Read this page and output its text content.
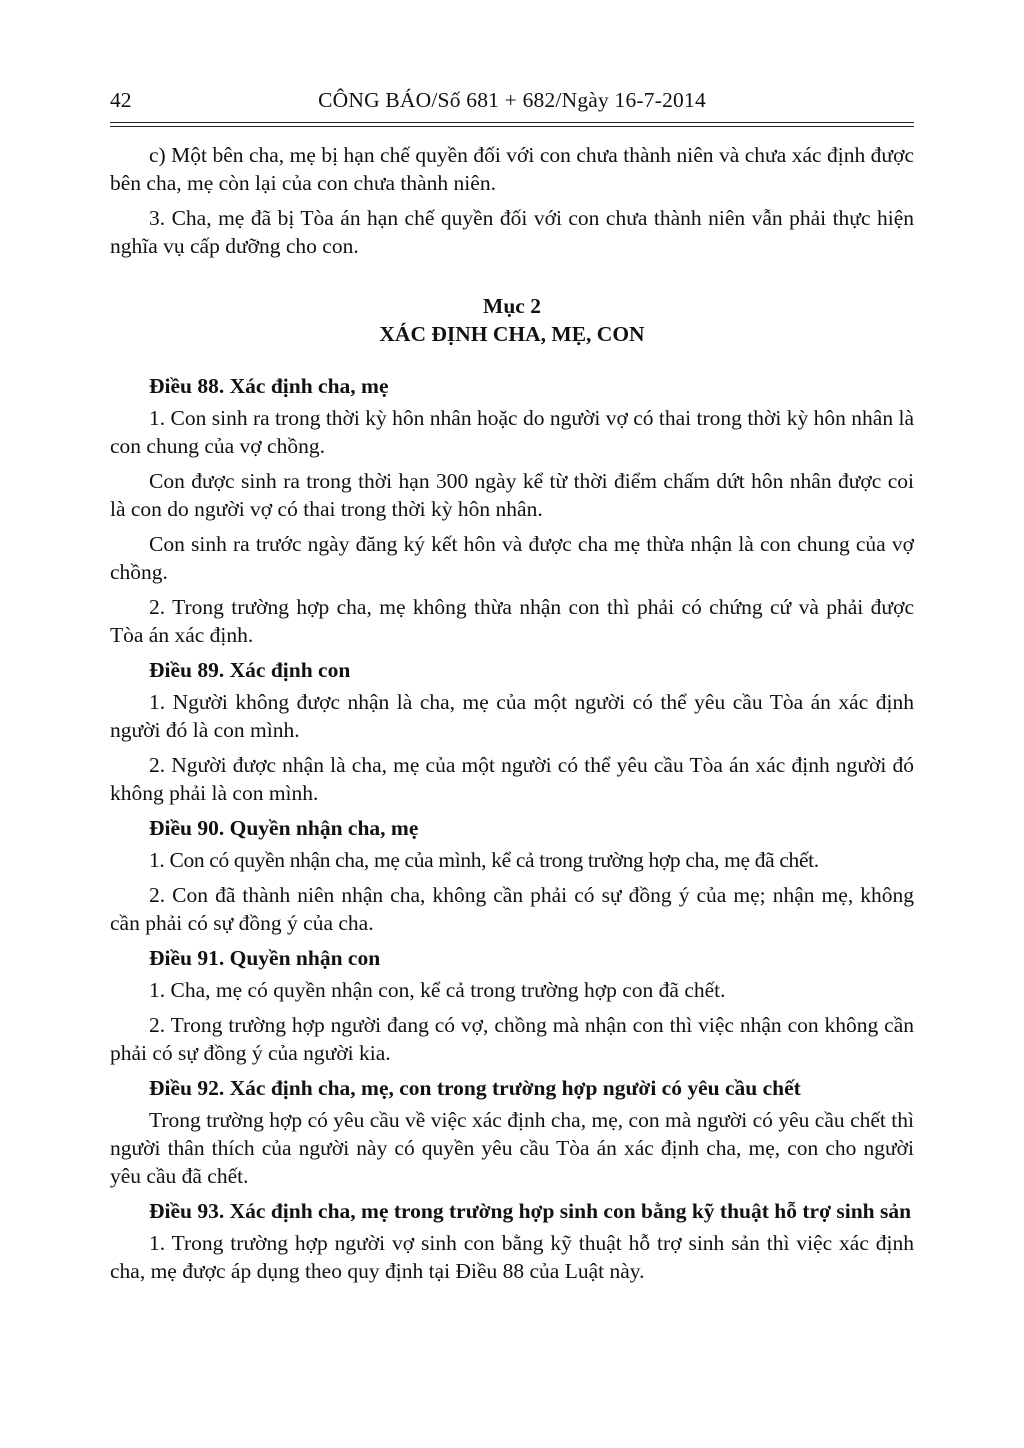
42	CÔNG BÁO/Số 681 + 682/Ngày 16-7-2014

c) Một bên cha, mẹ bị hạn chế quyền đối với con chưa thành niên và chưa xác định được bên cha, mẹ còn lại của con chưa thành niên.

3. Cha, mẹ đã bị Tòa án hạn chế quyền đối với con chưa thành niên vẫn phải thực hiện nghĩa vụ cấp dưỡng cho con.

Mục 2
XÁC ĐỊNH CHA, MẸ, CON

Điều 88. Xác định cha, mẹ

1. Con sinh ra trong thời kỳ hôn nhân hoặc do người vợ có thai trong thời kỳ hôn nhân là con chung của vợ chồng.

Con được sinh ra trong thời hạn 300 ngày kể từ thời điểm chấm dứt hôn nhân được coi là con do người vợ có thai trong thời kỳ hôn nhân.

Con sinh ra trước ngày đăng ký kết hôn và được cha mẹ thừa nhận là con chung của vợ chồng.

2. Trong trường hợp cha, mẹ không thừa nhận con thì phải có chứng cứ và phải được Tòa án xác định.

Điều 89. Xác định con

1. Người không được nhận là cha, mẹ của một người có thể yêu cầu Tòa án xác định người đó là con mình.

2. Người được nhận là cha, mẹ của một người có thể yêu cầu Tòa án xác định người đó không phải là con mình.

Điều 90. Quyền nhận cha, mẹ

1. Con có quyền nhận cha, mẹ của mình, kể cả trong trường hợp cha, mẹ đã chết.

2. Con đã thành niên nhận cha, không cần phải có sự đồng ý của mẹ; nhận mẹ, không cần phải có sự đồng ý của cha.

Điều 91. Quyền nhận con

1. Cha, mẹ có quyền nhận con, kể cả trong trường hợp con đã chết.

2. Trong trường hợp người đang có vợ, chồng mà nhận con thì việc nhận con không cần phải có sự đồng ý của người kia.

Điều 92. Xác định cha, mẹ, con trong trường hợp người có yêu cầu chết

Trong trường hợp có yêu cầu về việc xác định cha, mẹ, con mà người có yêu cầu chết thì người thân thích của người này có quyền yêu cầu Tòa án xác định cha, mẹ, con cho người yêu cầu đã chết.

Điều 93. Xác định cha, mẹ trong trường hợp sinh con bằng kỹ thuật hỗ trợ sinh sản

1. Trong trường hợp người vợ sinh con bằng kỹ thuật hỗ trợ sinh sản thì việc xác định cha, mẹ được áp dụng theo quy định tại Điều 88 của Luật này.
